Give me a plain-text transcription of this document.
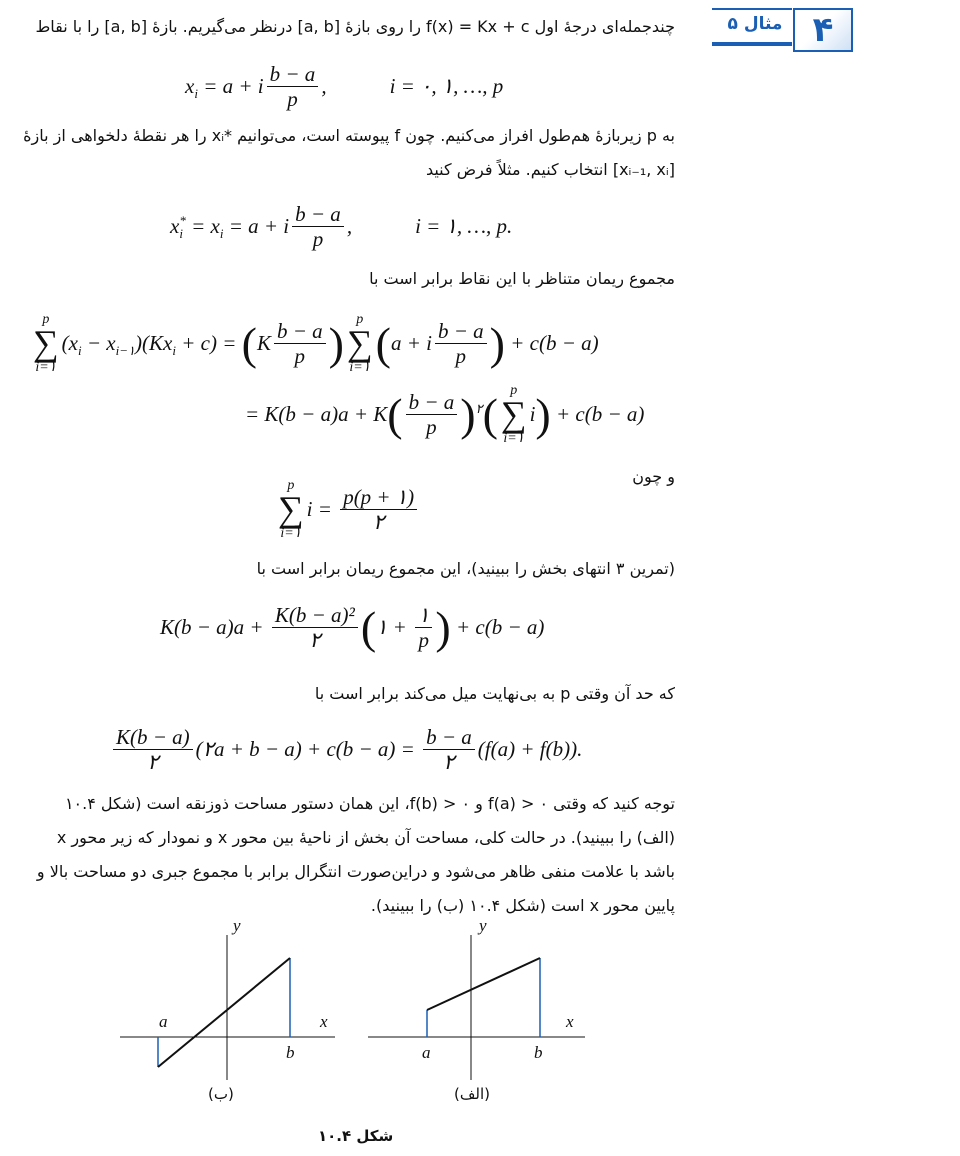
۴
مثال ۵
چندجمله‌ای درجهٔ اول f(x) = Kx + c را روی بازهٔ [a, b] درنظر می‌گیریم. بازهٔ [a, b] را با نقاط
x
i = a + i $\frac{b - a}{p}$ ,            i = ۰, ۱, …, p
به p زیربازهٔ هم‌طول افراز می‌کنیم. چون f پیوسته است، می‌توانیم *xᵢ را هر نقطهٔ دلخواهی از بازهٔ
[xᵢ₋₁, xᵢ] انتخاب کنیم. مثلاً فرض کنید
x *
i = x
i = a + i $\frac{b - a}{p}$ ,            i = ۱, …, p.
مجموع ریمان متناظر با این نقاط برابر است با
p
∑
i=۱
(x
i − x
i−۱ )(Kx
i + c) = ( K $\frac{b - a}{p}$ ) p
∑
i=۱ ( a + i $\frac{b - a}{p}$ ) + c(b − a)
= K(b − a)a + K ( $\frac{b - a}{p}$ ) ۲
( p
∑
i=۱
i ) + c(b − a)
و چون
p
∑
i=۱
$i = \frac{p(p + ۱)}{۲}$
(تمرین ۳ انتهای بخش را ببینید)، این مجموع ریمان برابر است با
$K(b - a)a + \frac{\text{K(b − a)²}}{۲}$ ( ۱ + $\frac{۱}{p}$ ) + c(b − a)
که حد آن وقتی p به بی‌نهایت میل می‌کند برابر است با
$\frac{K(b - a)}{۲}$ (۲a + $b - a) + c(b - a) = \frac{b - a}{۲} (f(a) + f(b))$.
توجه کنید که وقتی ۰ < f(a) و ۰ < f(b)، این همان دستور مساحت ذوزنقه است (شکل ۱۰.۴
(الف) را ببینید). در حالت کلی، مساحت آن بخش از ناحیهٔ بین محور x و نمودار که زیر محور x
باشد با علامت منفی ظاهر می‌شود و دراین‌صورت انتگرال برابر با مجموع جبری دو مساحت بالا و
پایین محور x است (شکل ۱۰.۴ (ب) را ببینید).
y
x
a
b
(ب)
y
x
a	b
(الف)
شکل ۱۰.۴
